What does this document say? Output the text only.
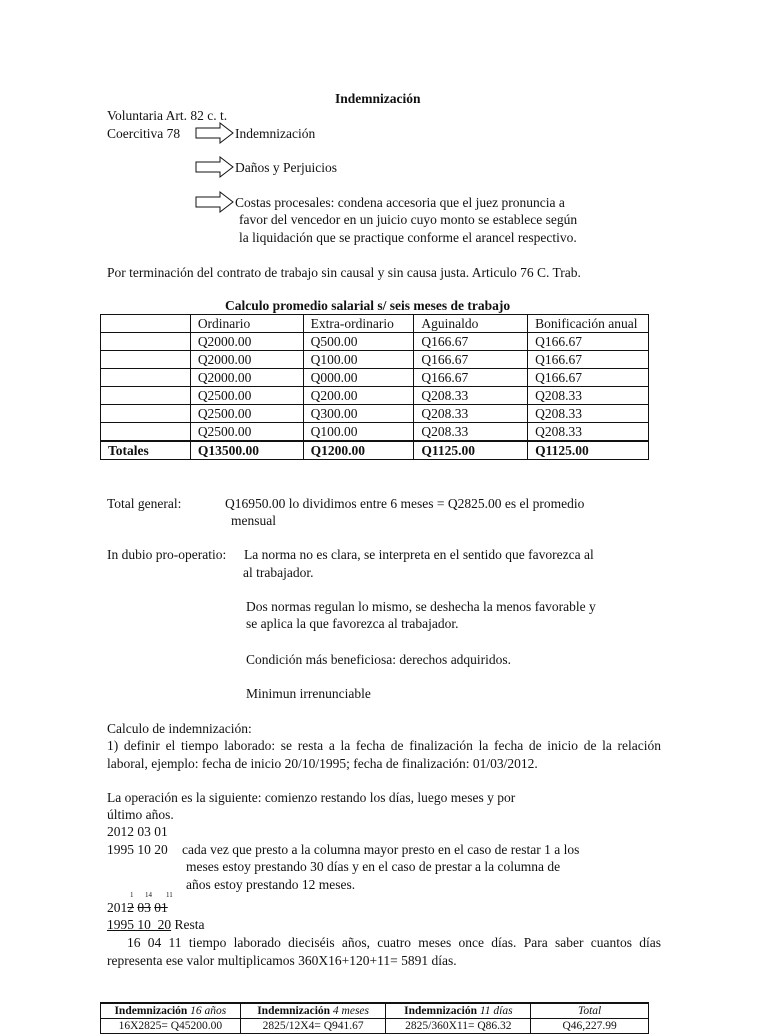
Indemnización
Voluntaria Art. 82 c. t.
Coercitiva 78	Indemnización
Daños y Perjuicios
Costas procesales: condena accesoria que el juez pronuncia a
favor del vencedor en un juicio cuyo monto se establece según
la liquidación que se practique conforme el arancel respectivo.
Por terminación del contrato de trabajo sin causal y sin causa justa. Articulo 76 C. Trab.
Calculo promedio salarial s/ seis meses de trabajo
	Ordinario	Extra-ordinario	Aguinaldo	Bonificación anual
	Q2000.00	Q500.00	Q166.67	Q166.67
	Q2000.00	Q100.00	Q166.67	Q166.67
	Q2000.00	Q000.00	Q166.67	Q166.67
	Q2500.00	Q200.00	Q208.33	Q208.33
	Q2500.00	Q300.00	Q208.33	Q208.33
	Q2500.00	Q100.00	Q208.33	Q208.33
Totales	Q13500.00	Q1200.00	Q1125.00	Q1125.00
Total general:	Q16950.00 lo dividimos entre 6 meses = Q2825.00 es el promedio
mensual
In dubio pro-operatio: La norma no es clara, se interpreta en el sentido que favorezca al
al trabajador.
Dos normas regulan lo mismo, se deshecha la menos favorable y
se aplica la que favorezca al trabajador.
Condición más beneficiosa: derechos adquiridos.
Minimun irrenunciable
Calculo de indemnización:
1) definir el tiempo laborado: se resta a la fecha de finalización la fecha de inicio de la relación laboral, ejemplo: fecha de inicio 20/10/1995; fecha de finalización: 01/03/2012.
La operación es la siguiente: comienzo restando los días, luego meses y por
último años.
2012 03 01
1995 10 20 cada vez que presto a la columna mayor presto en el caso de restar 1 a los
meses estoy prestando 30 días y en el caso de prestar a la columna de
años estoy prestando 12 meses.
1 14 11
2012 03 01
1995 10  20 Resta
16 04 11 tiempo laborado dieciséis años, cuatro meses once días. Para saber cuantos días representa ese valor multiplicamos 360X16+120+11= 5891 días.
Indemnización 16 años	Indemnización 4 meses	Indemnización 11 días	Total
16X2825= Q45200.00	2825/12X4= Q941.67	2825/360X11= Q86.32	Q46,227.99
